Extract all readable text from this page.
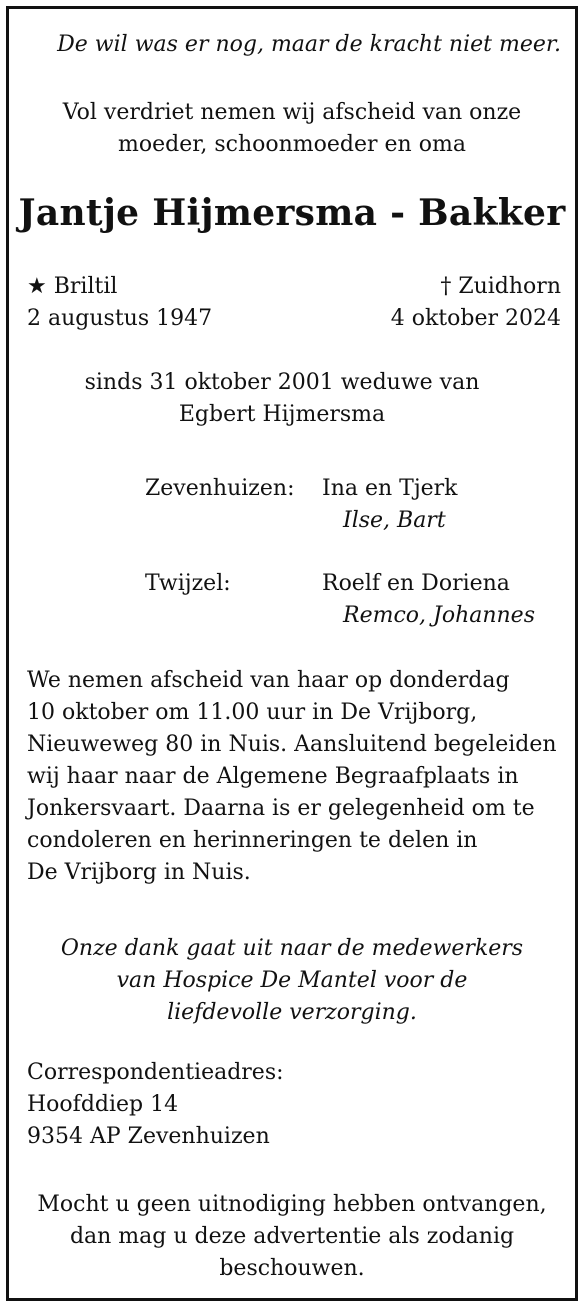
De wil was er nog, maar de kracht niet meer.
Vol verdriet nemen wij afscheid van onze
moeder, schoonmoeder en oma
Jantje Hijmersma - Bakker
★ Briltil
2 augustus 1947
† Zuidhorn
4 oktober 2024
sinds 31 oktober 2001 weduwe van
Egbert Hijmersma
Zevenhuizen: Ina en Tjerk
Ilse, Bart
Twijzel:	Roelf en Doriena
Remco, Johannes
We nemen afscheid van haar op donderdag
10 oktober om 11.00 uur in De Vrijborg,
Nieuweweg 80 in Nuis. Aansluitend begeleiden
wij haar naar de Algemene Begraafplaats in
Jonkersvaart. Daarna is er gelegenheid om te
condoleren en herinneringen te delen in
De Vrijborg in Nuis.
Onze dank gaat uit naar de medewerkers
van Hospice De Mantel voor de
liefdevolle verzorging.
Correspondentieadres:
Hoofddiep 14
9354 AP Zevenhuizen
Mocht u geen uitnodiging hebben ontvangen,
dan mag u deze advertentie als zodanig
beschouwen.
